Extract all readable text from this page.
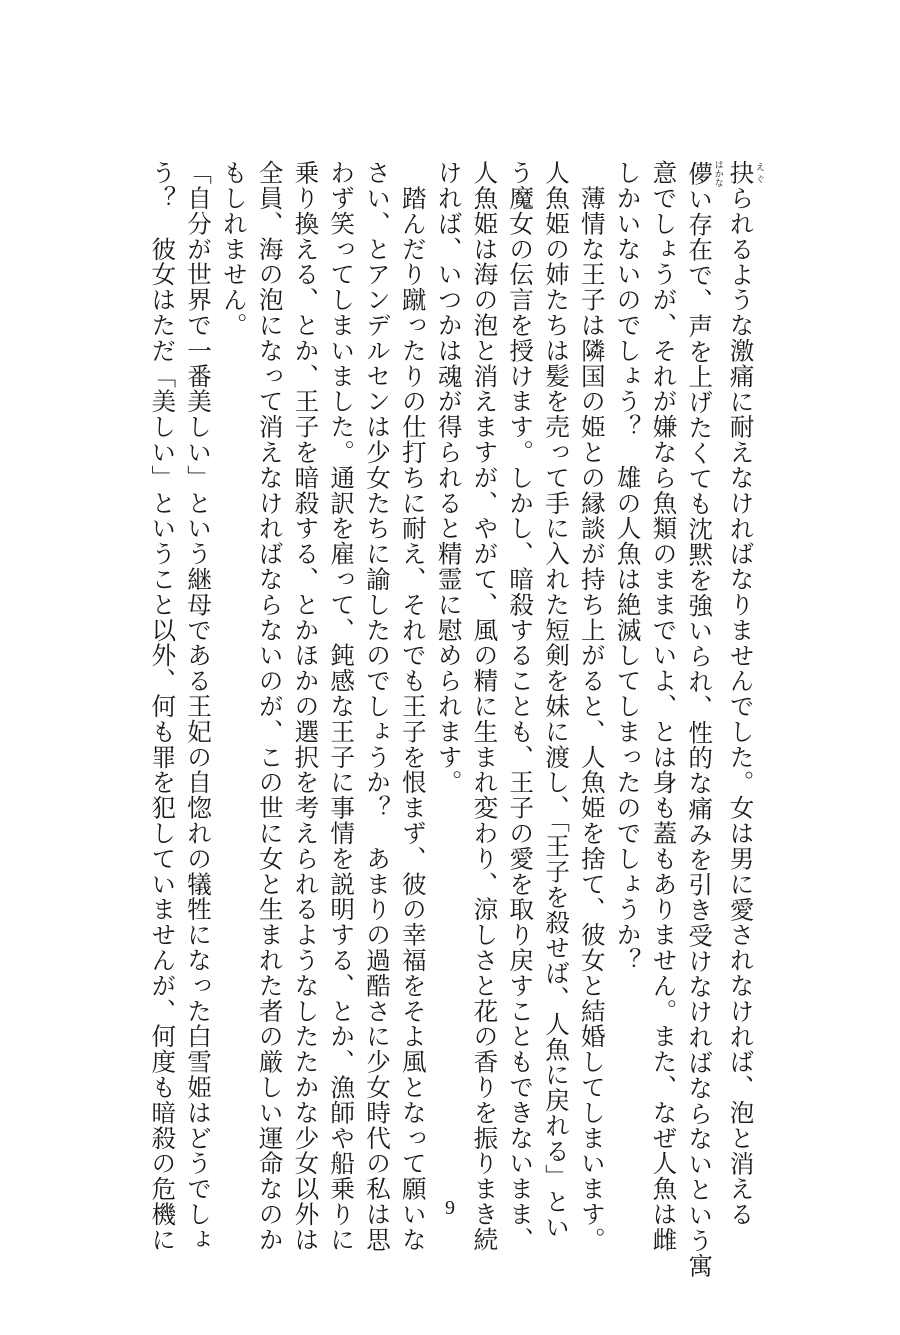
抉えぐられるような激痛に耐えなければなりませんでした。女は男に愛されなければ、泡と消える
儚はかない存在で、声を上げたくても沈黙を強いられ、性的な痛みを引き受けなければならないという寓
意でしょうが、それが嫌なら魚類のままでいよ、とは身も蓋もありません。また、なぜ人魚は雌
しかいないのでしょう？　雄の人魚は絶滅してしまったのでしょうか？
　薄情な王子は隣国の姫との縁談が持ち上がると、人魚姫を捨て、彼女と結婚してしまいます。
人魚姫の姉たちは髪を売って手に入れた短剣を妹に渡し、「王子を殺せば、人魚に戻れる」とい
う魔女の伝言を授けます。しかし、暗殺することも、王子の愛を取り戻すこともできないまま、
人魚姫は海の泡と消えますが、やがて、風の精に生まれ変わり、涼しさと花の香りを振りまき続
ければ、いつかは魂が得られると精霊に慰められます。
　踏んだり蹴ったりの仕打ちに耐え、それでも王子を恨まず、彼の幸福をそよ風となって願いな
さい、とアンデルセンは少女たちに諭したのでしょうか？　あまりの過酷さに少女時代の私は思
わず笑ってしまいました。通訳を雇って、鈍感な王子に事情を説明する、とか、漁師や船乗りに
乗り換える、とか、王子を暗殺する、とかほかの選択を考えられるようなしたたかな少女以外は
全員、海の泡になって消えなければならないのが、この世に女と生まれた者の厳しい運命なのか
もしれません。
「自分が世界で一番美しい」という継母である王妃の自惚れの犠牲になった白雪姫はどうでしょ
う？　彼女はただ「美しい」ということ以外、何も罪を犯していませんが、何度も暗殺の危機に	9
